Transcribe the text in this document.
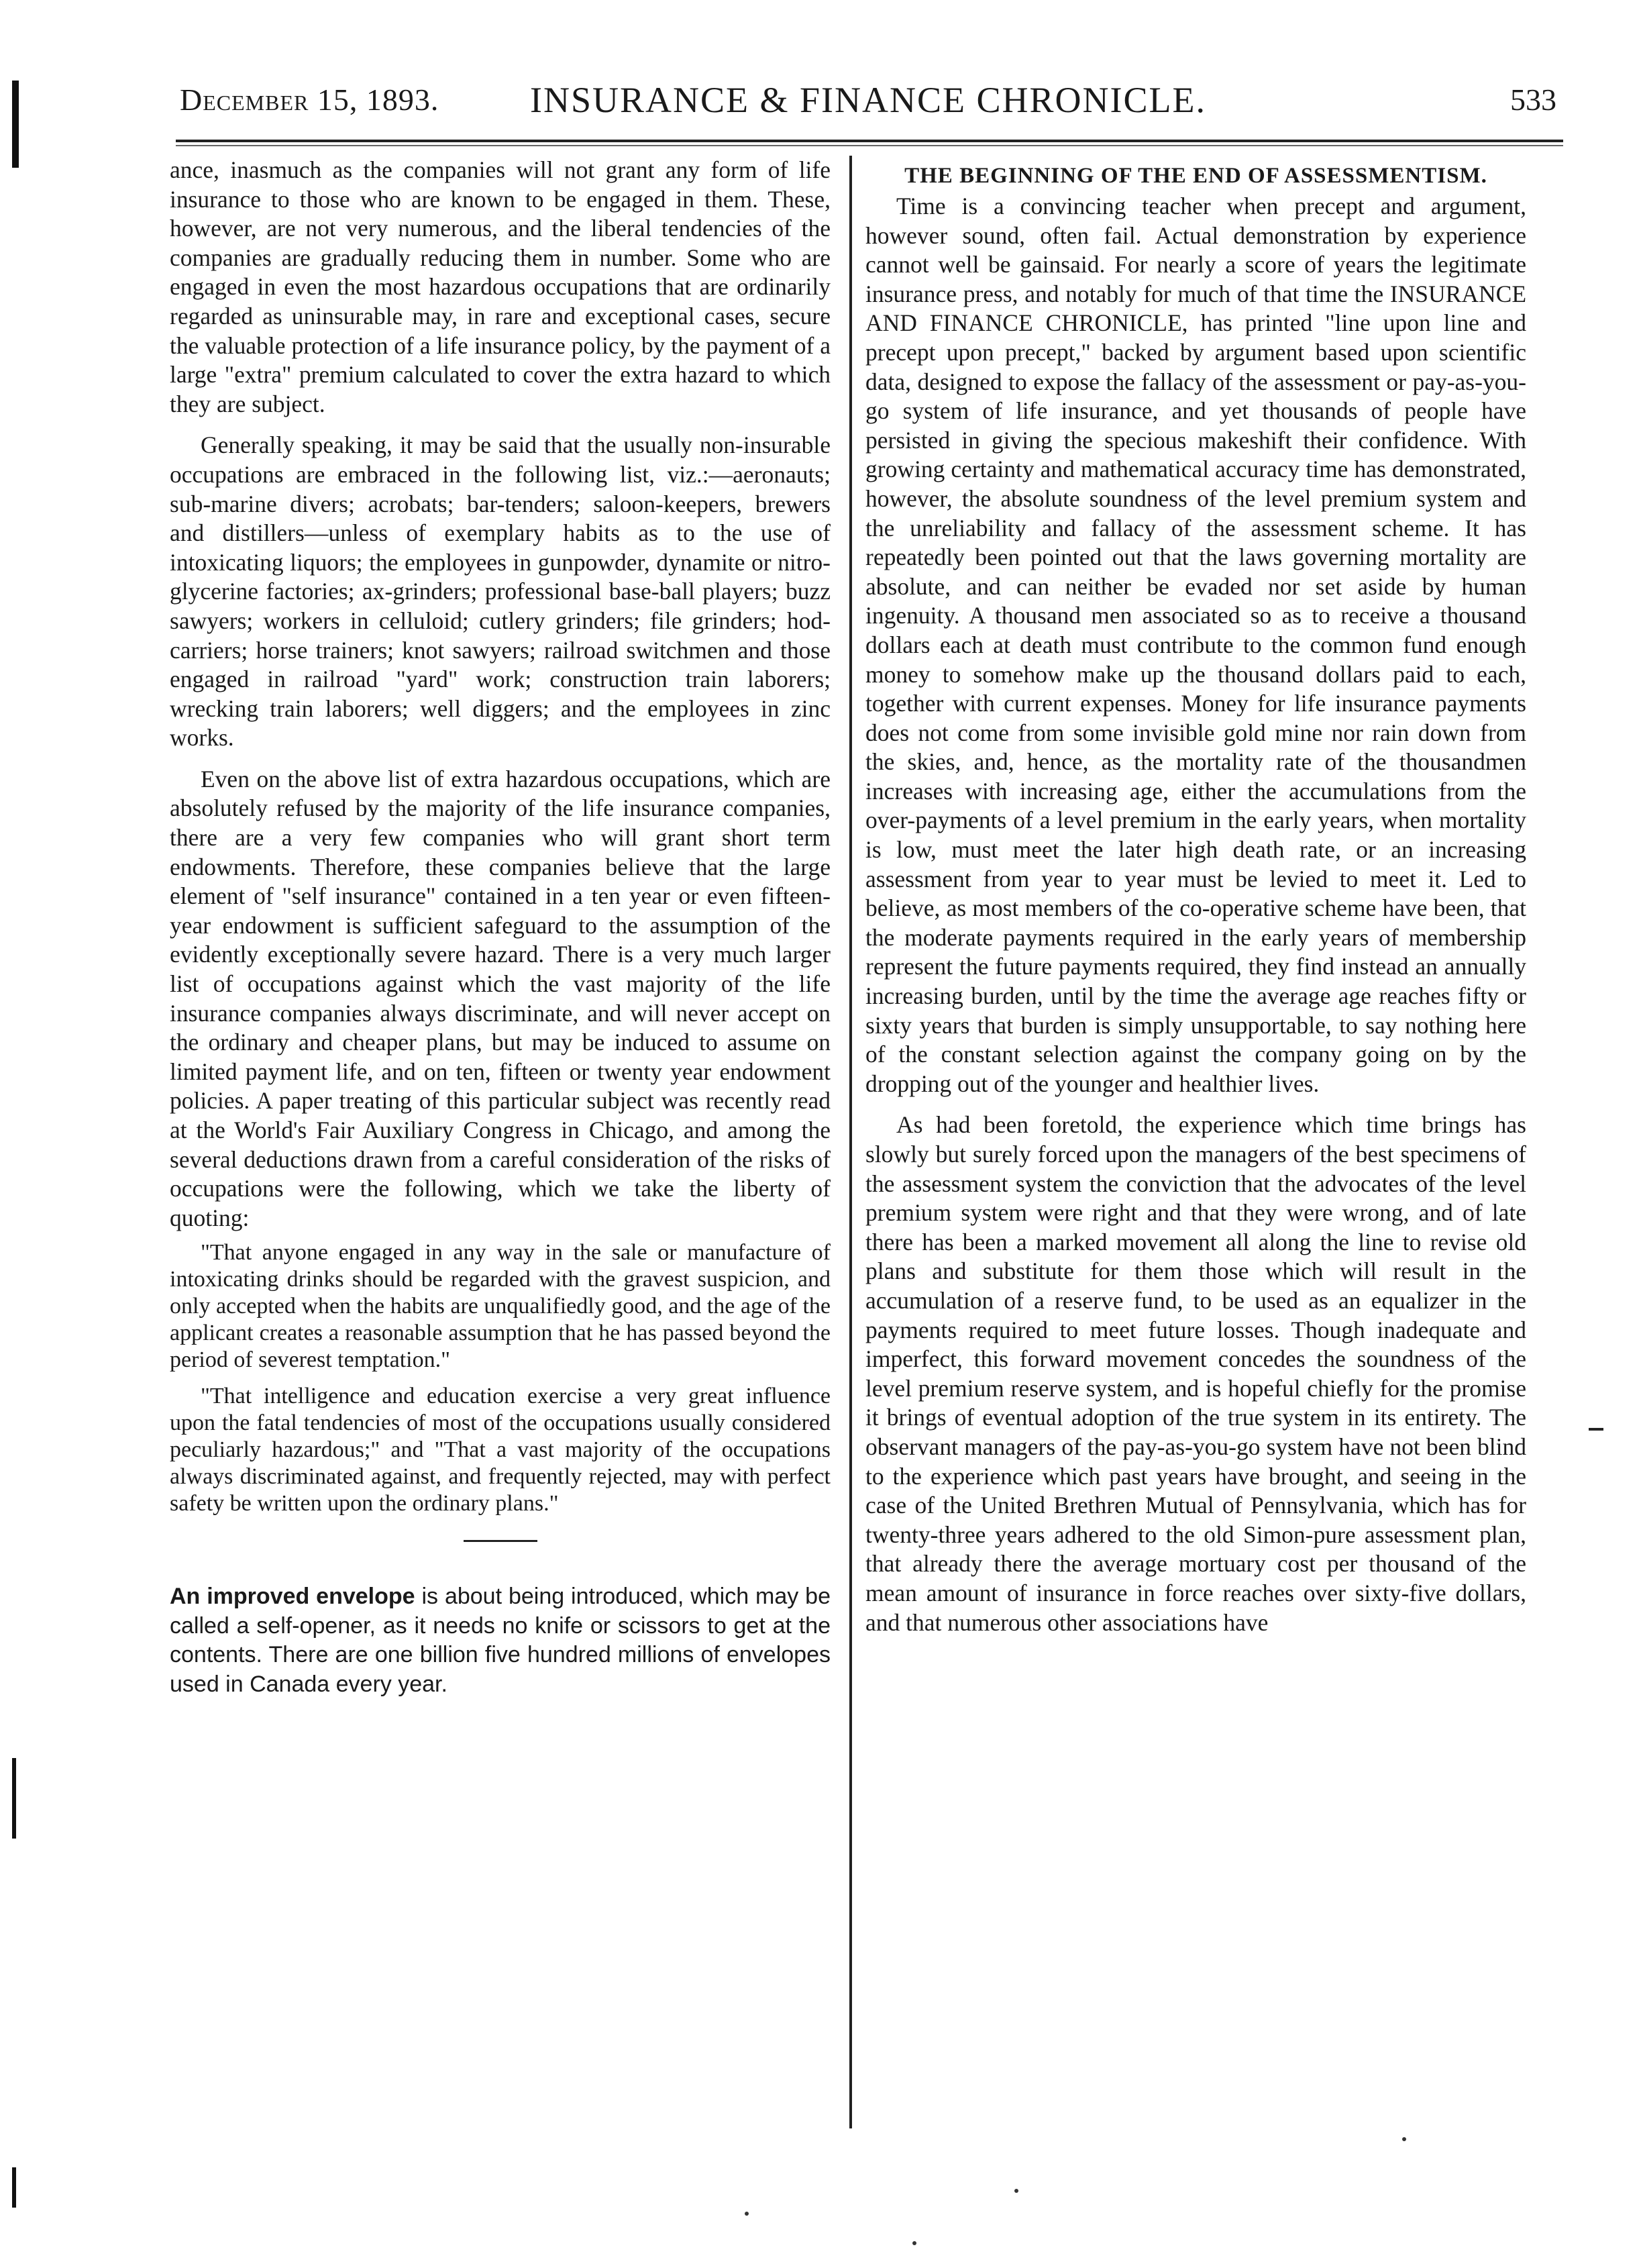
December 15, 1893.	INSURANCE & FINANCE CHRONICLE.	533

ance, inasmuch as the companies will not grant any form of life insurance to those who are known to be engaged in them. These, however, are not very numerous, and the liberal tendencies of the companies are gradually reducing them in number. Some who are engaged in even the most hazardous occupations that are ordinarily regarded as uninsurable may, in rare and exceptional cases, secure the valuable protection of a life insurance policy, by the payment of a large "extra" premium calculated to cover the extra hazard to which they are subject.

Generally speaking, it may be said that the usually non-insurable occupations are embraced in the following list, viz.:—aeronauts; sub-marine divers; acrobats; bar-tenders; saloon-keepers, brewers and distillers—unless of exemplary habits as to the use of intoxicating liquors; the employees in gunpowder, dynamite or nitro-glycerine factories; ax-grinders; professional base-ball players; buzz sawyers; workers in celluloid; cutlery grinders; file grinders; hod-carriers; horse trainers; knot sawyers; railroad switchmen and those engaged in railroad "yard" work; construction train laborers; wrecking train laborers; well diggers; and the employees in zinc works.

Even on the above list of extra hazardous occupations, which are absolutely refused by the majority of the life insurance companies, there are a very few companies who will grant short term endowments. Therefore, these companies believe that the large element of "self insurance" contained in a ten year or even fifteen-year endowment is sufficient safeguard to the assumption of the evidently exceptionally severe hazard. There is a very much larger list of occupations against which the vast majority of the life insurance companies always discriminate, and will never accept on the ordinary and cheaper plans, but may be induced to assume on limited payment life, and on ten, fifteen or twenty year endowment policies. A paper treating of this particular subject was recently read at the World's Fair Auxiliary Congress in Chicago, and among the several deductions drawn from a careful consideration of the risks of occupations were the following, which we take the liberty of quoting:

"That anyone engaged in any way in the sale or manufacture of intoxicating drinks should be regarded with the gravest suspicion, and only accepted when the habits are unqualifiedly good, and the age of the applicant creates a reasonable assumption that he has passed beyond the period of severest temptation."

"That intelligence and education exercise a very great influence upon the fatal tendencies of most of the occupations usually considered peculiarly hazardous;" and "That a vast majority of the occupations always discriminated against, and frequently rejected, may with perfect safety be written upon the ordinary plans."

An improved envelope is about being introduced, which may be called a self-opener, as it needs no knife or scissors to get at the contents. There are one billion five hundred millions of envelopes used in Canada every year.

THE BEGINNING OF THE END OF ASSESSMENTISM.

Time is a convincing teacher when precept and argument, however sound, often fail. Actual demonstration by experience cannot well be gainsaid. For nearly a score of years the legitimate insurance press, and notably for much of that time the INSURANCE AND FINANCE CHRONICLE, has printed "line upon line and precept upon precept," backed by argument based upon scientific data, designed to expose the fallacy of the assessment or pay-as-you-go system of life insurance, and yet thousands of people have persisted in giving the specious makeshift their confidence. With growing certainty and mathematical accuracy time has demonstrated, however, the absolute soundness of the level premium system and the unreliability and fallacy of the assessment scheme. It has repeatedly been pointed out that the laws governing mortality are absolute, and can neither be evaded nor set aside by human ingenuity. A thousand men associated so as to receive a thousand dollars each at death must contribute to the common fund enough money to somehow make up the thousand dollars paid to each, together with current expenses. Money for life insurance payments does not come from some invisible gold mine nor rain down from the skies, and, hence, as the mortality rate of the thousandmen increases with increasing age, either the accumulations from the over-payments of a level premium in the early years, when mortality is low, must meet the later high death rate, or an increasing assessment from year to year must be levied to meet it. Led to believe, as most members of the co-operative scheme have been, that the moderate payments required in the early years of membership represent the future payments required, they find instead an annually increasing burden, until by the time the average age reaches fifty or sixty years that burden is simply unsupportable, to say nothing here of the constant selection against the company going on by the dropping out of the younger and healthier lives.

As had been foretold, the experience which time brings has slowly but surely forced upon the managers of the best specimens of the assessment system the conviction that the advocates of the level premium system were right and that they were wrong, and of late there has been a marked movement all along the line to revise old plans and substitute for them those which will result in the accumulation of a reserve fund, to be used as an equalizer in the payments required to meet future losses. Though inadequate and imperfect, this forward movement concedes the soundness of the level premium reserve system, and is hopeful chiefly for the promise it brings of eventual adoption of the true system in its entirety. The observant managers of the pay-as-you-go system have not been blind to the experience which past years have brought, and seeing in the case of the United Brethren Mutual of Pennsylvania, which has for twenty-three years adhered to the old Simon-pure assessment plan, that already there the average mortuary cost per thousand of the mean amount of insurance in force reaches over sixty-five dollars, and that numerous other associations have
